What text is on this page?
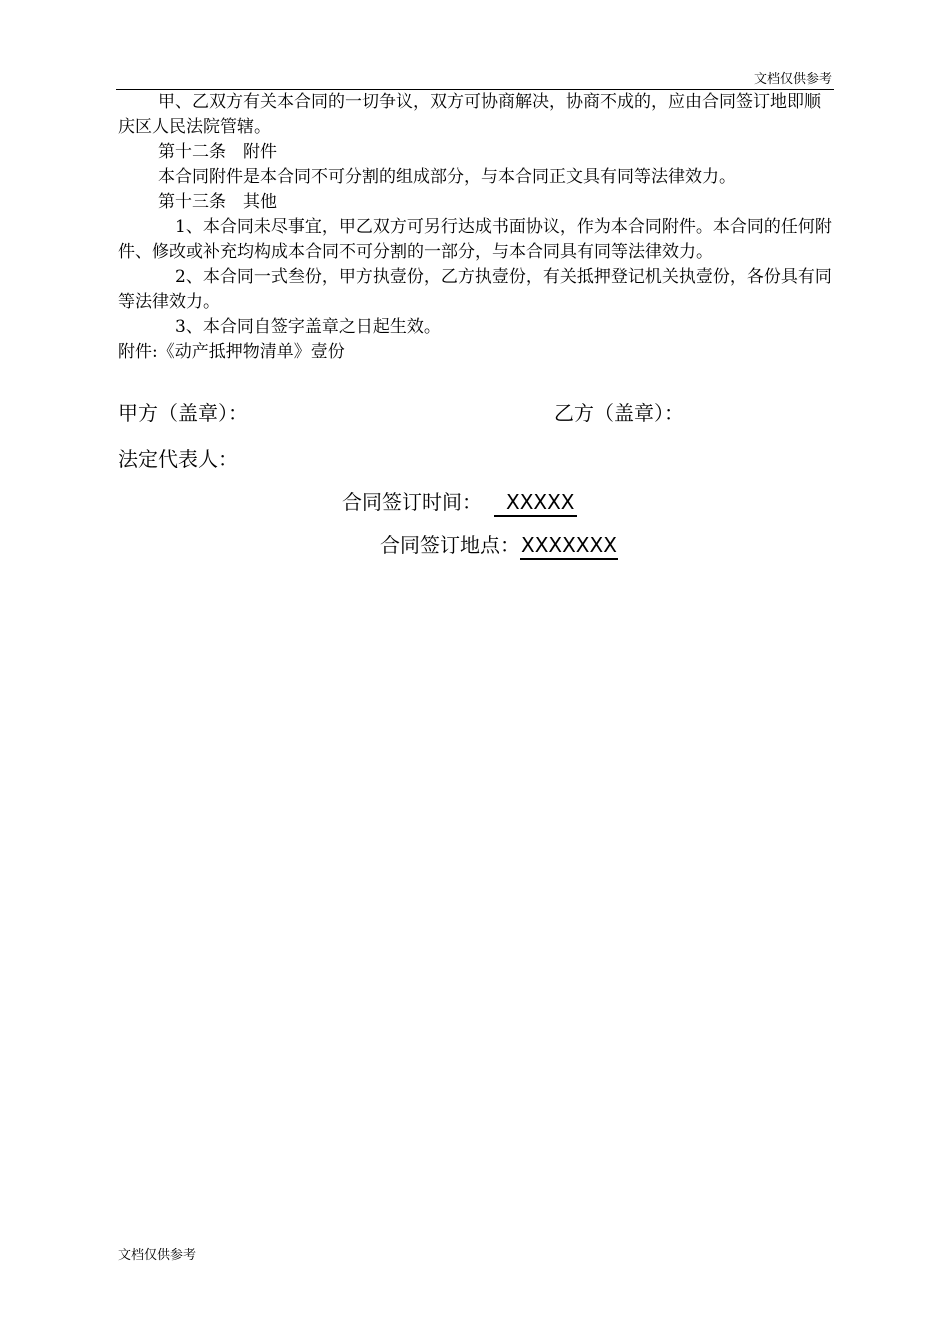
文档仅供参考

甲、乙双方有关本合同的一切争议，双方可协商解决，协商不成的，应由合同签订地即顺庆区人民法院管辖。

第十二条　附件

本合同附件是本合同不可分割的组成部分，与本合同正文具有同等法律效力。

第十三条　其他

1、本合同未尽事宜，甲乙双方可另行达成书面协议，作为本合同附件。本合同的任何附件、修改或补充均构成本合同不可分割的一部分，与本合同具有同等法律效力。

2、本合同一式叁份，甲方执壹份，乙方执壹份，有关抵押登记机关执壹份，各份具有同等法律效力。

3、本合同自签字盖章之日起生效。

附件:《动产抵押物清单》壹份

甲方（盖章）：	乙方（盖章）：
法定代表人：
合同签订时间： XXXXX
合同签订地点：XXXXXXX
文档仅供参考
